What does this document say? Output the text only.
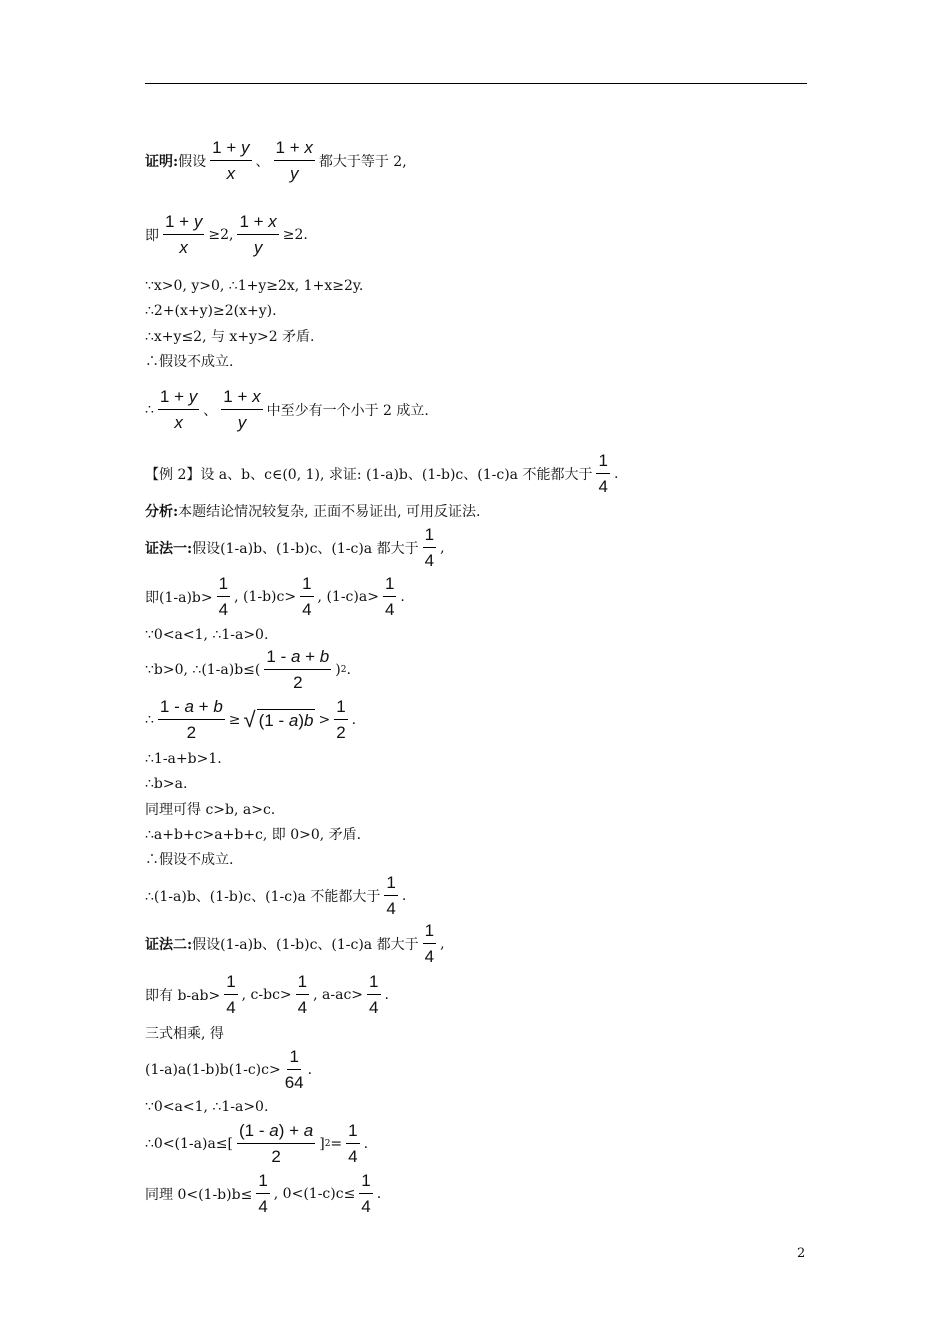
证明: 假设
1 + y
x
、
1 + x
y
都大于等于 2,
即 $\frac{1 + y}{x} \ge 2$, $\frac{1 + x}{y} \ge 2$.
∵x>0, y>0, ∴1+y≥2x, 1+x≥2y.
∴2+(x+y)≥2(x+y).
∴x+y≤2, 与 x+y>2 矛盾.
∴假设不成立.
∴
1 + y
x
、
1 + x
y
中至少有一个小于 2 成立.
【例 2】设 a、b、c∈(0, 1), 求证: (1-a)b、(1-b)c、(1-c)a 不能都大于 $\frac{1}{4}$ .
分析: 本题结论情况较复杂, 正面不易证出, 可用反证法.
证法一: 假设(1-a)b、(1-b)c、(1-c)a 都大于 $\frac{1}{4}$ ,
即$(1-a)b> \frac{1}{4}$ , $(1-b)c> \frac{1}{4}$ , $(1-c)a> \frac{1}{4}$ .
∵0<a<1, ∴1-a>0.
∵b>0, ∴(1-a)b≤(
1 - a + b
2
) 2 .
∴ $\frac{1 - a + b}{2}$ ≥ √ $(1 - a)b > \frac{1}{2}$ .
∴1-a+b>1.
∴b>a.
同理可得 c>b, a>c.
∴a+b+c>a+b+c, 即 0>0, 矛盾.
∴假设不成立.
∴(1-a)b、(1-b)c、(1-c)a 不能都大于 $\frac{1}{4}$ .
证法二: 假设(1-a)b、(1-b)c、(1-c)a 都大于 $\frac{1}{4}$ ,
即有 $b-ab> \frac{1}{4}$ , $c-bc> \frac{1}{4}$ , $a-ac> \frac{1}{4}$ .
三式相乘, 得
$(1-a)a(1-b)b(1-c)c> \frac{1}{64}$ .
∵0<a<1, ∴1-a>0.
∴0<(1-a)a≤[
(1 - a) + a
2
] $2 = \frac{1}{4}$ .
同理 $0<(1-b)b\le \frac{1}{4}$ , $0<(1-c)c\le \frac{1}{4}$ .
2
